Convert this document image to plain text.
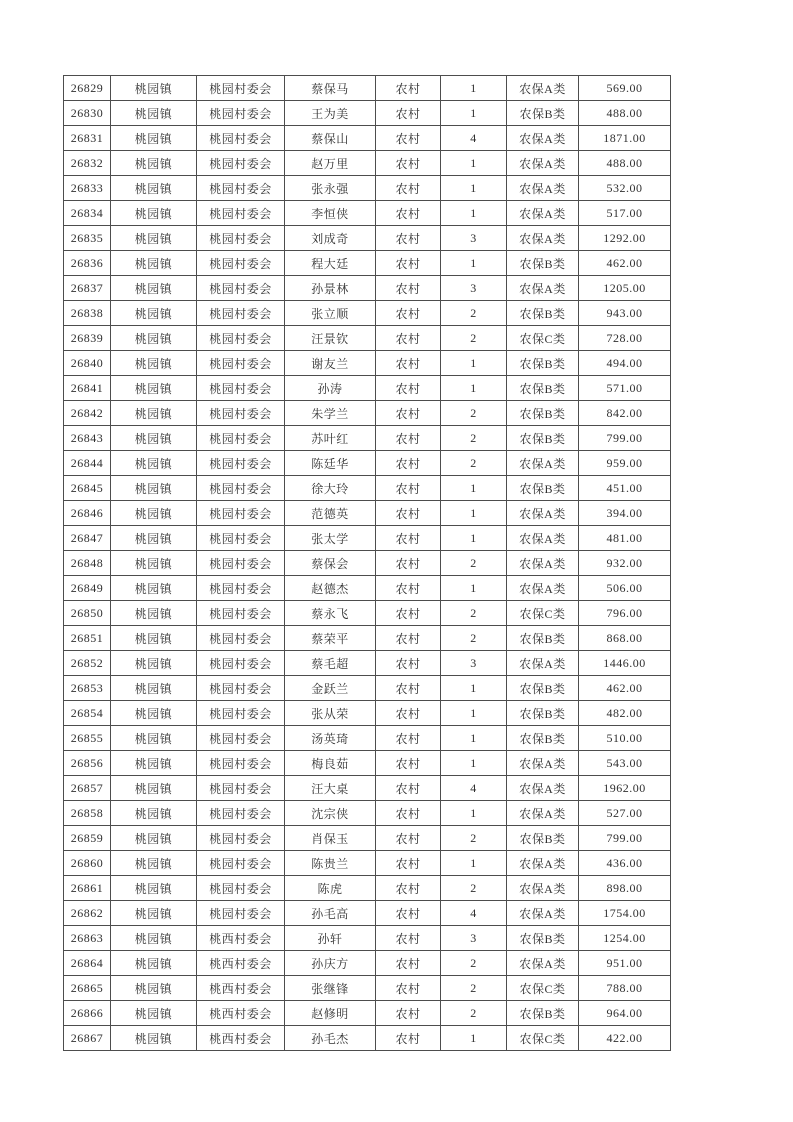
26829	桃园镇	桃园村委会	蔡保马	农村	1	农保A类	569.00
26830	桃园镇	桃园村委会	王为美	农村	1	农保B类	488.00
26831	桃园镇	桃园村委会	蔡保山	农村	4	农保A类	1871.00
26832	桃园镇	桃园村委会	赵万里	农村	1	农保A类	488.00
26833	桃园镇	桃园村委会	张永强	农村	1	农保A类	532.00
26834	桃园镇	桃园村委会	李恒侠	农村	1	农保A类	517.00
26835	桃园镇	桃园村委会	刘成奇	农村	3	农保A类	1292.00
26836	桃园镇	桃园村委会	程大廷	农村	1	农保B类	462.00
26837	桃园镇	桃园村委会	孙景林	农村	3	农保A类	1205.00
26838	桃园镇	桃园村委会	张立顺	农村	2	农保B类	943.00
26839	桃园镇	桃园村委会	汪景钦	农村	2	农保C类	728.00
26840	桃园镇	桃园村委会	谢友兰	农村	1	农保B类	494.00
26841	桃园镇	桃园村委会	孙涛	农村	1	农保B类	571.00
26842	桃园镇	桃园村委会	朱学兰	农村	2	农保B类	842.00
26843	桃园镇	桃园村委会	苏叶红	农村	2	农保B类	799.00
26844	桃园镇	桃园村委会	陈廷华	农村	2	农保A类	959.00
26845	桃园镇	桃园村委会	徐大玲	农村	1	农保B类	451.00
26846	桃园镇	桃园村委会	范德英	农村	1	农保A类	394.00
26847	桃园镇	桃园村委会	张太学	农村	1	农保A类	481.00
26848	桃园镇	桃园村委会	蔡保会	农村	2	农保A类	932.00
26849	桃园镇	桃园村委会	赵德杰	农村	1	农保A类	506.00
26850	桃园镇	桃园村委会	蔡永飞	农村	2	农保C类	796.00
26851	桃园镇	桃园村委会	蔡荣平	农村	2	农保B类	868.00
26852	桃园镇	桃园村委会	蔡毛超	农村	3	农保A类	1446.00
26853	桃园镇	桃园村委会	金跃兰	农村	1	农保B类	462.00
26854	桃园镇	桃园村委会	张从荣	农村	1	农保B类	482.00
26855	桃园镇	桃园村委会	汤英琦	农村	1	农保B类	510.00
26856	桃园镇	桃园村委会	梅良茹	农村	1	农保A类	543.00
26857	桃园镇	桃园村委会	汪大桌	农村	4	农保A类	1962.00
26858	桃园镇	桃园村委会	沈宗侠	农村	1	农保A类	527.00
26859	桃园镇	桃园村委会	肖保玉	农村	2	农保B类	799.00
26860	桃园镇	桃园村委会	陈贵兰	农村	1	农保A类	436.00
26861	桃园镇	桃园村委会	陈虎	农村	2	农保A类	898.00
26862	桃园镇	桃园村委会	孙毛高	农村	4	农保A类	1754.00
26863	桃园镇	桃西村委会	孙轩	农村	3	农保B类	1254.00
26864	桃园镇	桃西村委会	孙庆方	农村	2	农保A类	951.00
26865	桃园镇	桃西村委会	张继锋	农村	2	农保C类	788.00
26866	桃园镇	桃西村委会	赵修明	农村	2	农保B类	964.00
26867	桃园镇	桃西村委会	孙毛杰	农村	1	农保C类	422.00
